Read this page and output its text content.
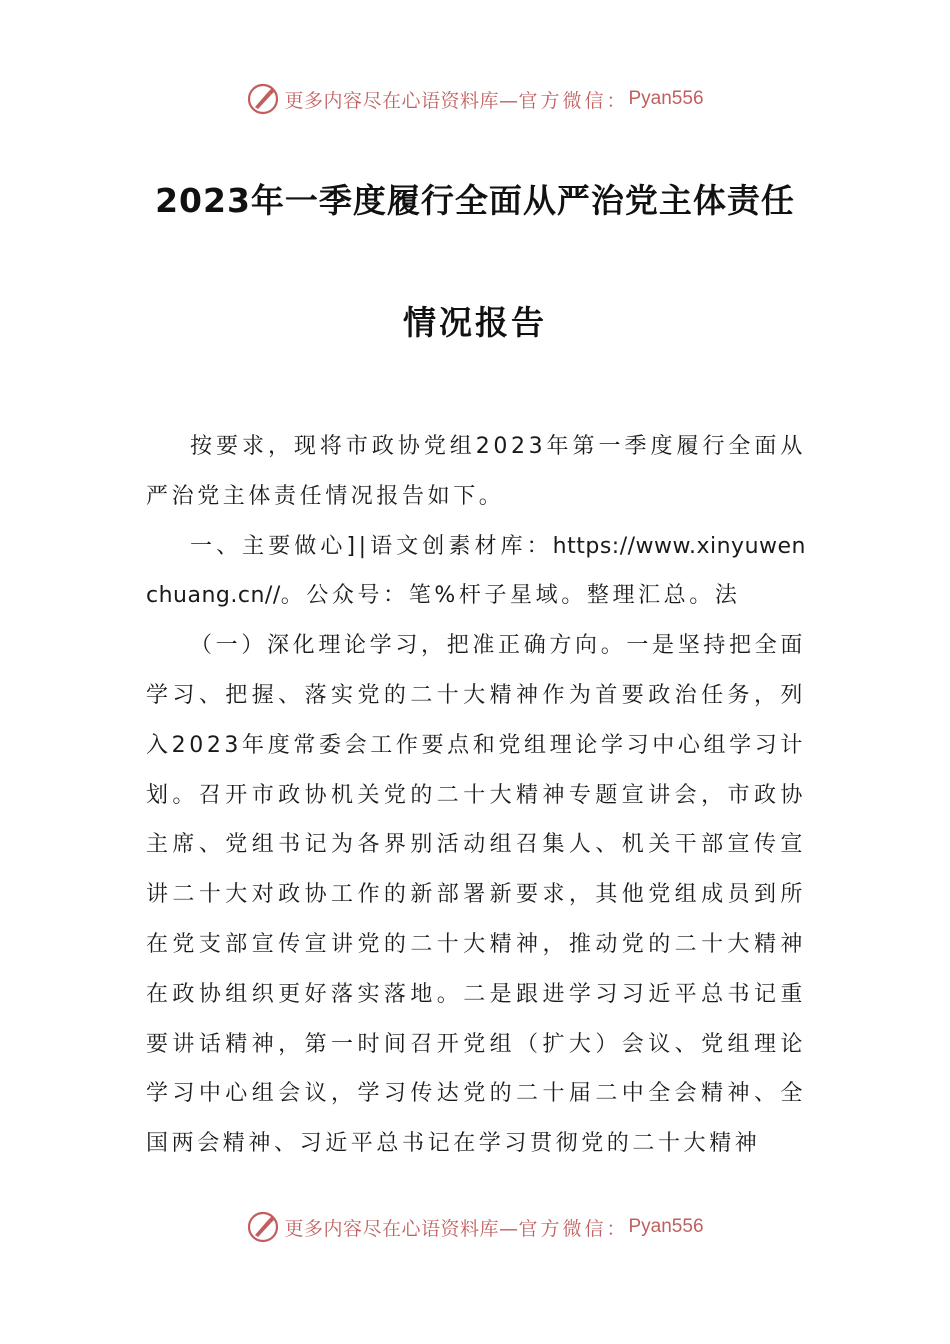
更多内容尽在心语资料库— 官方微信： Pyan556
2023年一季度履行全面从严治党主体责任
情况报告

按要求，现将市政协党组2023年第一季度履行全面从严治党主体责任情况报告如下。

一、主要做心]|语文创素材库：https://www.xinyuwenchuang.cn//。公众号：笔%杆子星域。整理汇总。法

（一）深化理论学习，把准正确方向。一是坚持把全面学习、把握、落实党的二十大精神作为首要政治任务，列入2023年度常委会工作要点和党组理论学习中心组学习计划。召开市政协机关党的二十大精神专题宣讲会，市政协主席、党组书记为各界别活动组召集人、机关干部宣传宣讲二十大对政协工作的新部署新要求，其他党组成员到所在党支部宣传宣讲党的二十大精神，推动党的二十大精神在政协组织更好落实落地。二是跟进学习习近平总书记重要讲话精神，第一时间召开党组（扩大）会议、党组理论学习中心组会议，学习传达党的二十届二中全会精神、全国两会精神、习近平总书记在学习贯彻党的二十大精神

更多内容尽在心语资料库— 官方微信： Pyan556
